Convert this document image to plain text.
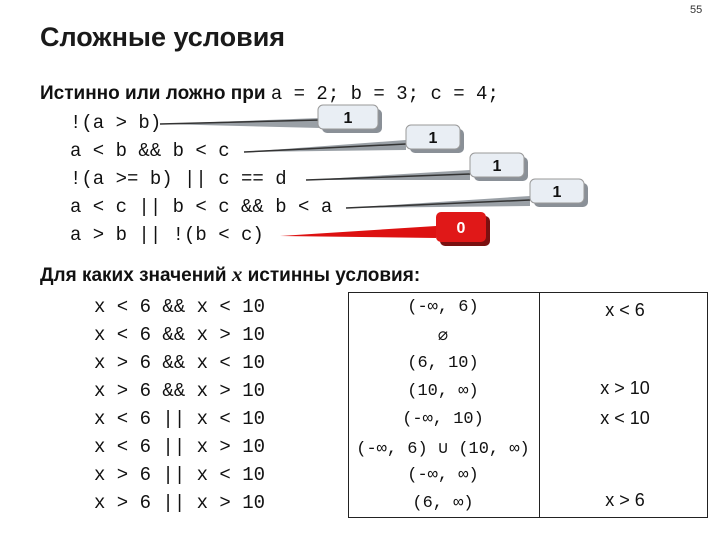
55
Сложные условия
Истинно или ложно при a = 2; b = 3; c = 4;
!(a > b)
a < b && b < c
!(a >= b) || c == d
a < c || b < c && b < a
a > b || !(b < c)
1
1
1
1
0
Для каких значений x истинны условия:
x < 6 && x < 10
x < 6 && x > 10
x > 6 && x < 10
x > 6 && x > 10
x < 6 || x < 10
x < 6 || x > 10
x > 6 || x < 10
x > 6 || x > 10
(-∞, 6)
∅
(6, 10)
(10, ∞)
(-∞, 10)
(-∞, 6) ∪ (10, ∞)
(-∞, ∞)
(6, ∞)
x < 6
x > 10
x < 10
x > 6
